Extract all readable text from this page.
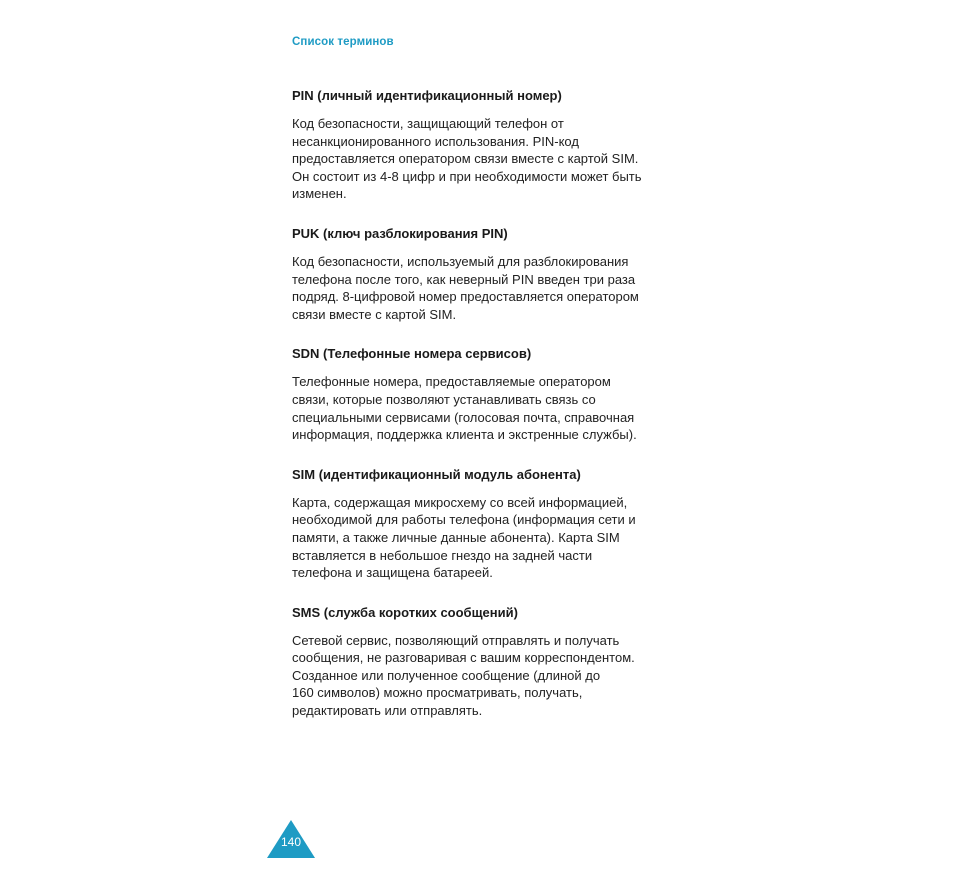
Список терминов
PIN (личный идентификационный номер)

Код безопасности, защищающий телефон от
несанкционированного использования. PIN-код
предоставляется оператором связи вместе с картой SIM.
Он состоит из 4-8 цифр и при необходимости может быть
изменен.

PUK (ключ разблокирования PIN)

Код безопасности, используемый для разблокирования
телефона после того, как неверный PIN введен три раза
подряд. 8-цифровой номер предоставляется оператором
связи вместе с картой SIM.

SDN (Телефонные номера сервисов)

Телефонные номера, предоставляемые оператором
связи, которые позволяют устанавливать связь со
специальными сервисами (голосовая почта, справочная
информация, поддержка клиента и экстренные службы).

SIM (идентификационный модуль абонента)

Карта, содержащая микросхему со всей информацией,
необходимой для работы телефона (информация сети и
памяти, а также личные данные абонента). Карта SIM
вставляется в небольшое гнездо на задней части
телефона и защищена батареей.

SMS (служба коротких сообщений)

Сетевой сервис, позволяющий отправлять и получать
сообщения, не разговаривая с вашим корреспондентом.
Созданное или полученное сообщение (длиной до
160 символов) можно просматривать, получать,
редактировать или отправлять.

140
